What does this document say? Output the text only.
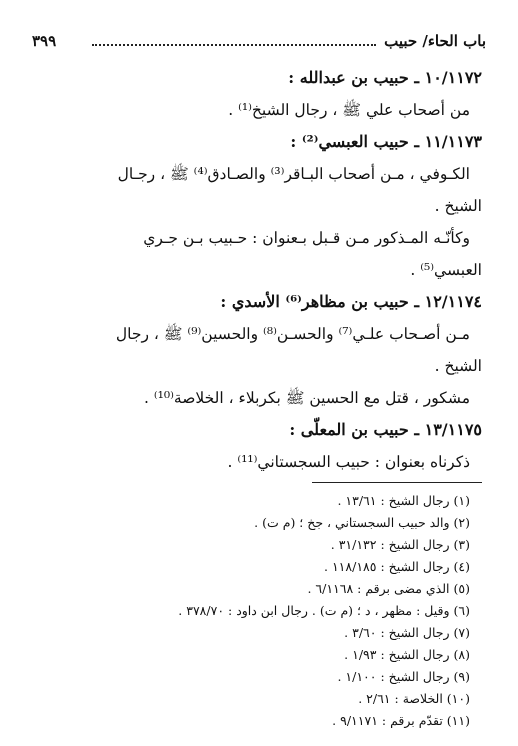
باب الحاء/ حبيب
٣٩٩

١٠/١١٧٢ ـ حبيب بن عبدالله :

من أصحاب علي ﷺ ، رجال الشيخ⁽¹⁾ .

١١/١١٧٣ ـ حبيب العبسي⁽²⁾ :

الكـوفي ، مـن أصحاب البـاقر⁽³⁾ والصـادق⁽⁴⁾ ﷺ ، رجـال

الشيخ .

وكأنّـه المـذكور مـن قـبل بـعنوان : حـبيب بـن جـري

العبسي⁽⁵⁾ .

١٢/١١٧٤ ـ حبيب بن مظاهر⁽⁶⁾ الأسدي :

مـن أصـحاب علـي⁽⁷⁾ والحسـن⁽⁸⁾ والحسين⁽⁹⁾ ﷺ ، رجال

الشيخ .

مشكور ، قتل مع الحسين ﷺ بكربلاء ، الخلاصة⁽¹⁰⁾ .

١٣/١١٧٥ ـ حبيب بن المعلّى :

ذكرناه بعنوان : حبيب السجستاني⁽¹¹⁾ .

(١) رجال الشيخ : ١٣/٦١ .
(٢) والد حبيب السجستاني ، جخ ؛ (م ت) .
(٣) رجال الشيخ : ٣١/١٣٢ .
(٤) رجال الشيخ : ١١٨/١٨٥ .
(٥) الذي مضى برقم : ٦/١١٦٨ .
(٦) وقيل : مظهر ، د ؛ (م ت) . رجال ابن داود : ٣٧٨/٧٠ .
(٧) رجال الشيخ : ٣/٦٠ .
(٨) رجال الشيخ : ١/٩٣ .
(٩) رجال الشيخ : ١/١٠٠ .
(١٠) الخلاصة : ٢/٦١ .
(١١) تقدّم برقم : ٩/١١٧١ .
